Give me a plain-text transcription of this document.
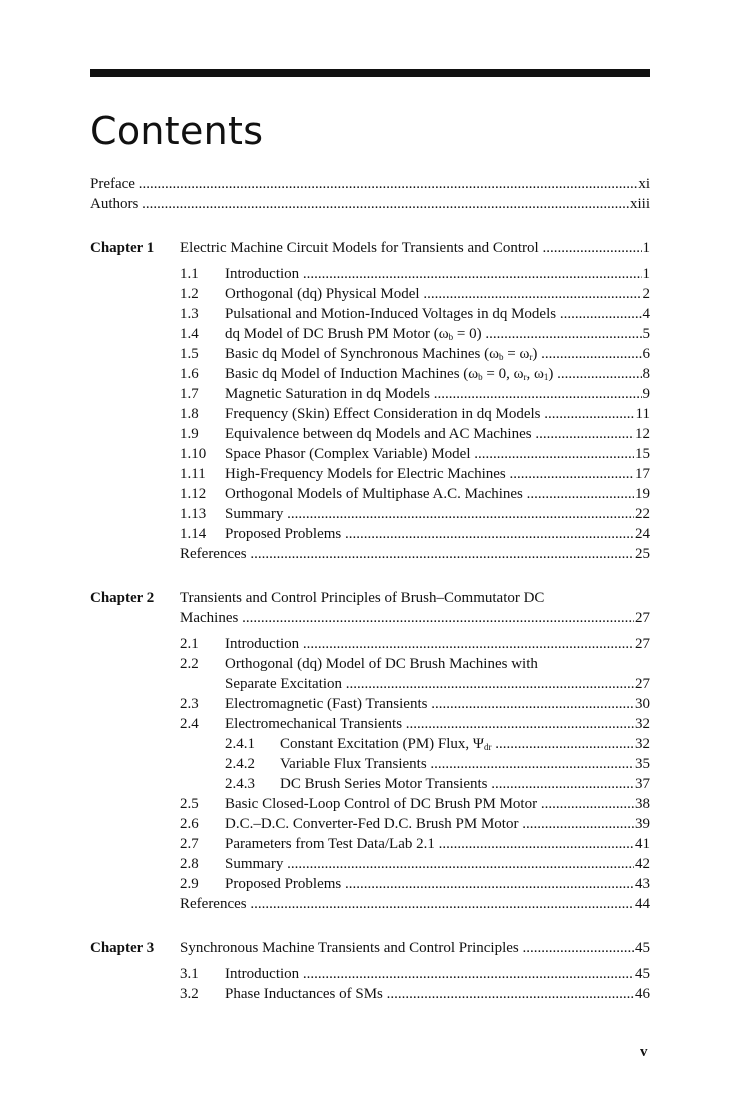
Contents
Preface .....	xi
Authors .....	xiii
Chapter 1	Electric Machine Circuit Models for Transients and Control .....	1
1.1	Introduction .....	1
1.2	Orthogonal (dq) Physical Model .....	2
1.3	Pulsational and Motion-Induced Voltages in dq Models .....	4
1.4	dq Model of DC Brush PM Motor $(\omega_b = 0)$ .....	5
1.5	Basic dq Model of Synchronous Machines $(\omega_b = \omega_r)$ .....	6
1.6	Basic dq Model of Induction Machines ($\omega_b = 0$, $\omega_r$, $\omega_1$) .....	8
1.7	Magnetic Saturation in dq Models .....	9
1.8	Frequency (Skin) Effect Consideration in dq Models .....	11
1.9	Equivalence between dq Models and AC Machines .....	12
1.10	Space Phasor (Complex Variable) Model .....	15
1.11	High-Frequency Models for Electric Machines .....	17
1.12	Orthogonal Models of Multiphase A.C. Machines .....	19
1.13	Summary .....	22
1.14	Proposed Problems .....	24
References .....	25
Chapter 2	Transients and Control Principles of Brush–Commutator DC
Machines .....	27
2.1	Introduction .....	27
2.2	Orthogonal (dq) Model of DC Brush Machines with
Separate Excitation .....	27
2.3	Electromagnetic (Fast) Transients .....	30
2.4	Electromechanical Transients .....	32
2.4.1	Constant Excitation (PM) Flux, $\Psi_{dr}$ .....	32
2.4.2	Variable Flux Transients .....	35
2.4.3	DC Brush Series Motor Transients .....	37
2.5	Basic Closed-Loop Control of DC Brush PM Motor .....	38
2.6	D.C.–D.C. Converter-Fed D.C. Brush PM Motor .....	39
2.7	Parameters from Test Data/Lab 2.1 .....	41
2.8	Summary .....	42
2.9	Proposed Problems .....	43
References .....	44
Chapter 3	Synchronous Machine Transients and Control Principles .....	45
3.1	Introduction .....	45
3.2	Phase Inductances of SMs .....	46
v
